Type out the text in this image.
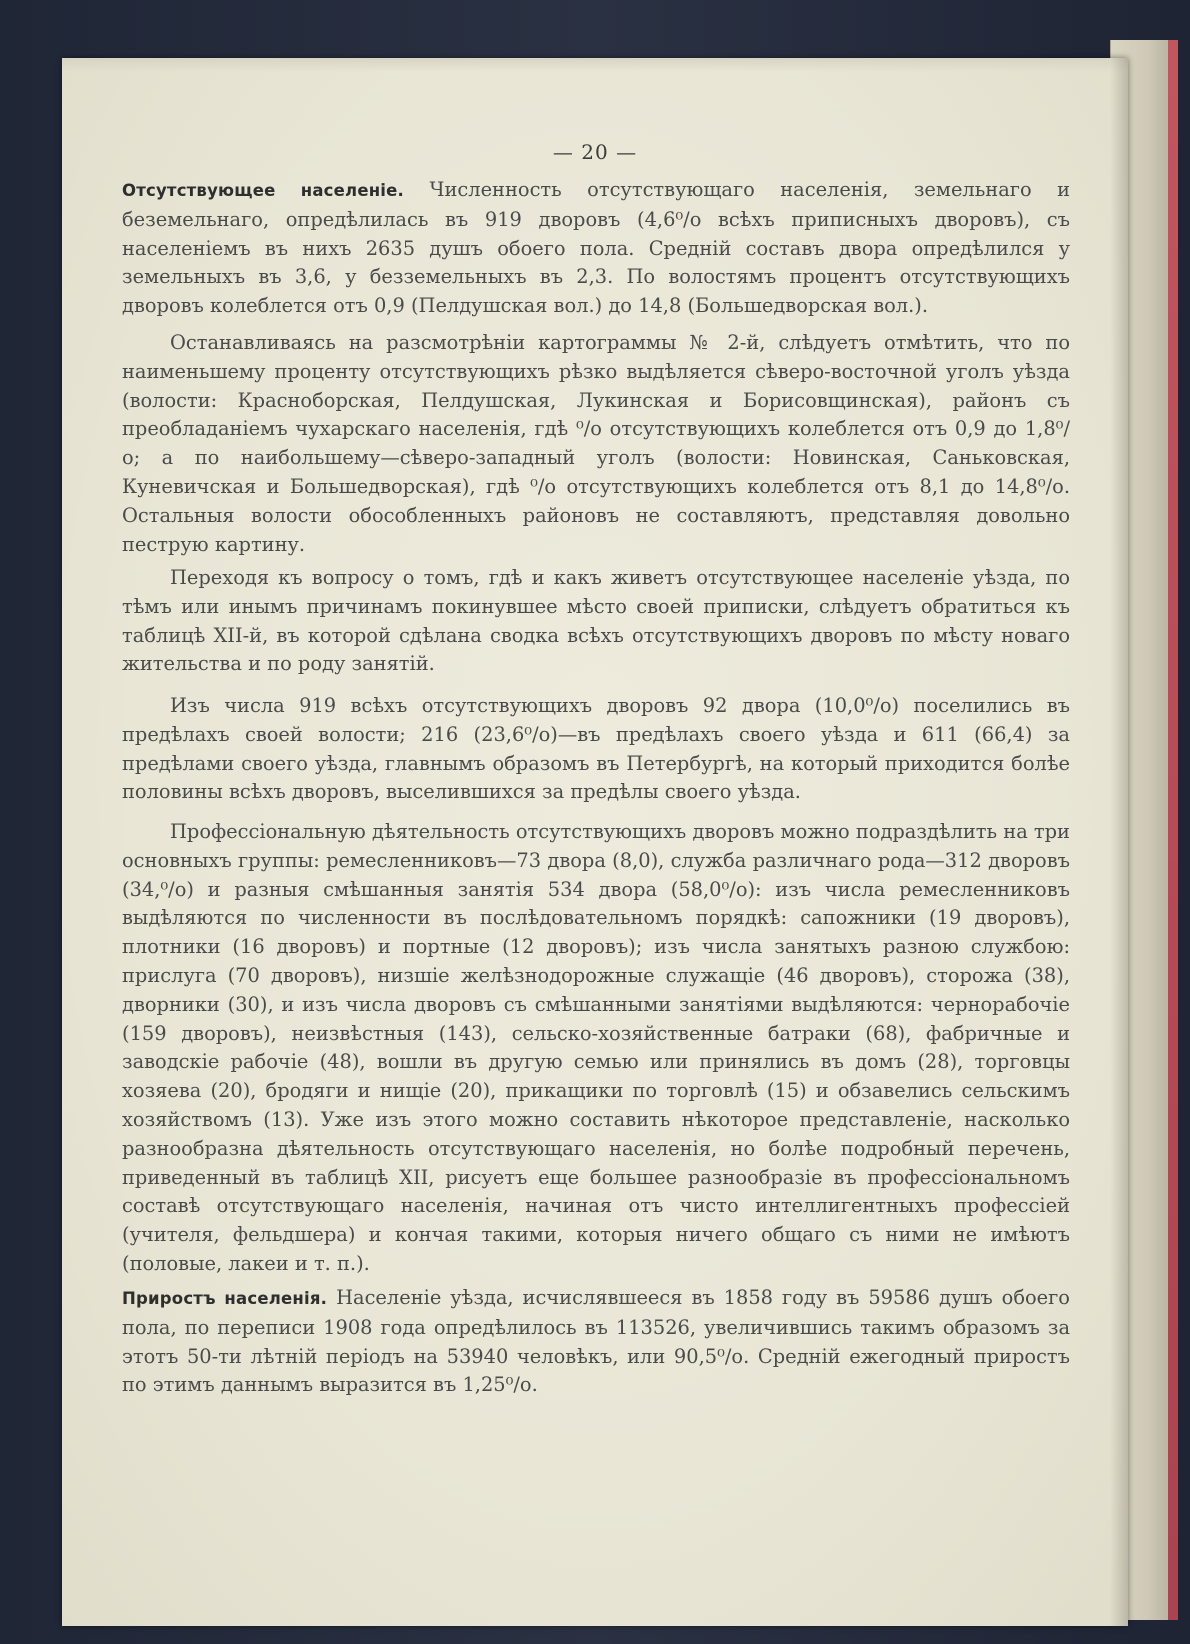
— 20 —

Отсутствующее населеніе. Численность отсутствующаго населенія, земельнаго и беземельнаго, опредѣлилась въ 919 дворовъ (4,6⁰/о всѣхъ приписныхъ дворовъ), съ населеніемъ въ нихъ 2635 душъ обоего пола. Средній составъ двора опредѣлился у земельныхъ въ 3,6, у безземельныхъ въ 2,3. По волостямъ процентъ отсутствующихъ дворовъ колеблется отъ 0,9 (Пелдушская вол.) до 14,8 (Большедворская вол.).

Останавливаясь на разсмотрѣніи картограммы № 2-й, слѣдуетъ отмѣтить, что по наименьшему проценту отсутствующихъ рѣзко выдѣляется сѣверо-восточной уголъ уѣзда (волости: Красноборская, Пелдушская, Лукинская и Борисовщинская), районъ съ преобладаніемъ чухарскаго населенія, гдѣ ⁰/о отсутствующихъ колеблется отъ 0,9 до 1,8⁰/о; а по наибольшему—сѣверо-западный уголъ (волости: Новинская, Саньковская, Куневичская и Большедворская), гдѣ ⁰/о отсутствующихъ колеблется отъ 8,1 до 14,8⁰/о. Остальныя волости обособленныхъ районовъ не составляютъ, представляя довольно пеструю картину.

Переходя къ вопросу о томъ, гдѣ и какъ живетъ отсутствующее населеніе уѣзда, по тѣмъ или инымъ причинамъ покинувшее мѣсто своей приписки, слѣдуетъ обратиться къ таблицѣ XII-й, въ которой сдѣлана сводка всѣхъ отсутствующихъ дворовъ по мѣсту новаго жительства и по роду занятій.

Изъ числа 919 всѣхъ отсутствующихъ дворовъ 92 двора (10,0⁰/о) поселились въ предѣлахъ своей волости; 216 (23,6⁰/о)—въ предѣлахъ своего уѣзда и 611 (66,4) за предѣлами своего уѣзда, главнымъ образомъ въ Петербургѣ, на который приходится болѣе половины всѣхъ дворовъ, выселившихся за предѣлы своего уѣзда.

Профессіональную дѣятельность отсутствующихъ дворовъ можно подраздѣлить на три основныхъ группы: ремесленниковъ—73 двора (8,0), служба различнаго рода—312 дворовъ (34,⁰/о) и разныя смѣшанныя занятія 534 двора (58,0⁰/о): изъ числа ремесленниковъ выдѣляются по численности въ послѣдовательномъ порядкѣ: сапожники (19 дворовъ), плотники (16 дворовъ) и портные (12 дворовъ); изъ числа занятыхъ разною службою: прислуга (70 дворовъ), низшіе желѣзнодорожные служащіе (46 дворовъ), сторожа (38), дворники (30), и изъ числа дворовъ съ смѣшанными занятіями выдѣляются: чернорабочіе (159 дворовъ), неизвѣстныя (143), сельско-хозяйственные батраки (68), фабричные и заводскіе рабочіе (48), вошли въ другую семью или принялись въ домъ (28), торговцы хозяева (20), бродяги и нищіе (20), прикащики по торговлѣ (15) и обзавелись сельскимъ хозяйствомъ (13). Уже изъ этого можно составить нѣкоторое представленіе, насколько разнообразна дѣятельность отсутствующаго населенія, но болѣе подробный перечень, приведенный въ таблицѣ XII, рисуетъ еще большее разнообразіе въ профессіональномъ составѣ отсутствующаго населенія, начиная отъ чисто интеллигентныхъ профессіей (учителя, фельдшера) и кончая такими, которыя ничего общаго съ ними не имѣютъ (половые, лакеи и т. п.).

Приростъ населенія. Населеніе уѣзда, исчислявшееся въ 1858 году въ 59586 душъ обоего пола, по переписи 1908 года опредѣлилось въ 113526, увеличившись такимъ образомъ за этотъ 50-ти лѣтній періодъ на 53940 человѣкъ, или 90,5⁰/о. Средній ежегодный приростъ по этимъ даннымъ выразится въ 1,25⁰/о.
